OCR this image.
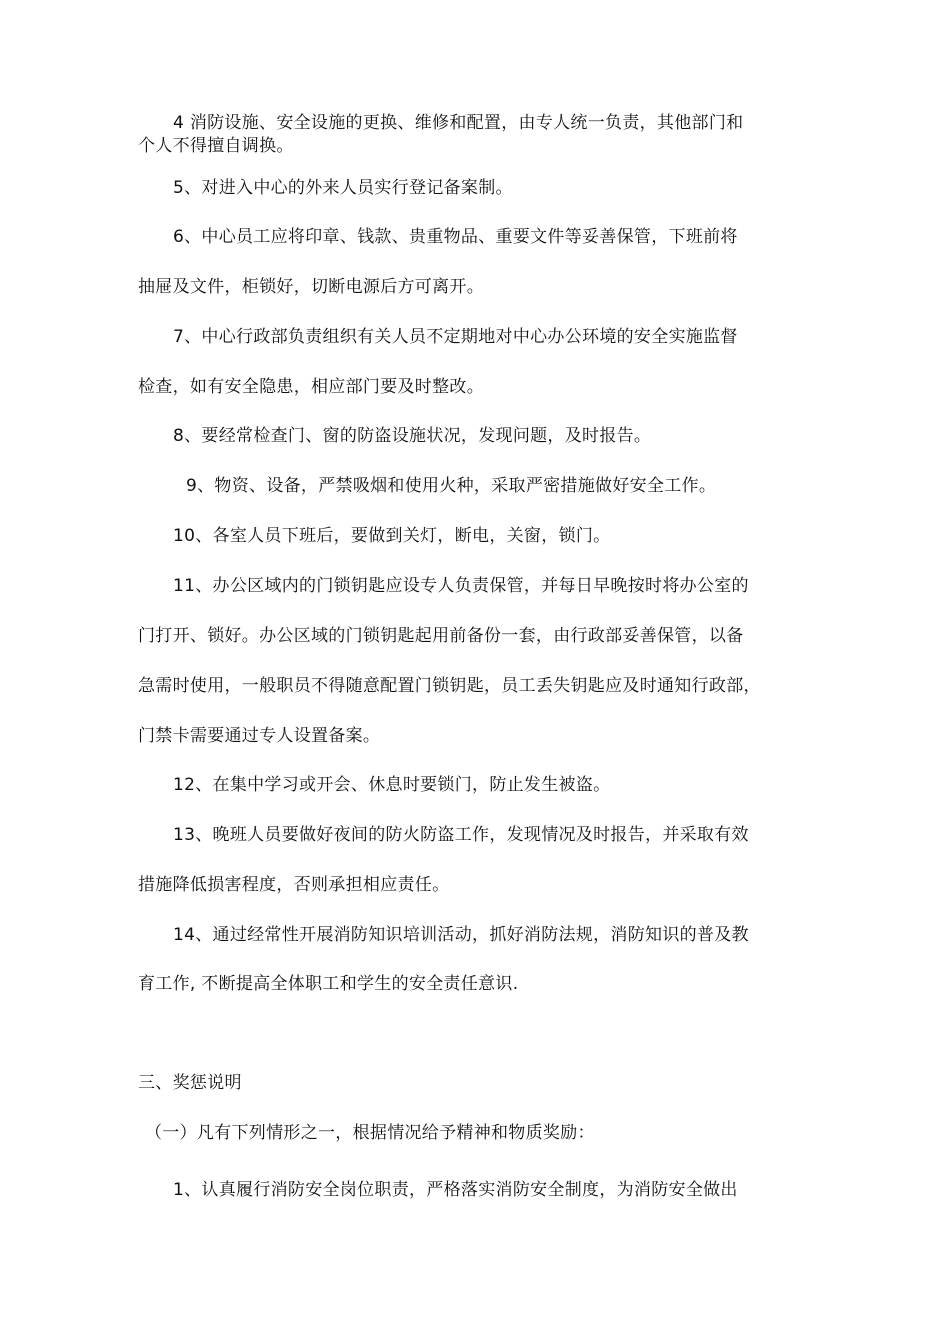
4 消防设施、安全设施的更换、维修和配置，由专人统一负责，其他部门和
个人不得擅自调换。
5、对进入中心的外来人员实行登记备案制。
6、中心员工应将印章、钱款、贵重物品、重要文件等妥善保管，下班前将
抽屉及文件，柜锁好，切断电源后方可离开。
7、中心行政部负责组织有关人员不定期地对中心办公环境的安全实施监督
检查，如有安全隐患，相应部门要及时整改。
8、要经常检查门、窗的防盗设施状况，发现问题，及时报告。
9、物资、设备，严禁吸烟和使用火种，采取严密措施做好安全工作。
10、各室人员下班后，要做到关灯，断电，关窗，锁门。
11、办公区域内的门锁钥匙应设专人负责保管，并每日早晚按时将办公室的
门打开、锁好。办公区域的门锁钥匙起用前备份一套，由行政部妥善保管，以备
急需时使用，一般职员不得随意配置门锁钥匙，员工丢失钥匙应及时通知行政部，
门禁卡需要通过专人设置备案。
12、在集中学习或开会、休息时要锁门，防止发生被盗。
13、晚班人员要做好夜间的防火防盗工作，发现情况及时报告，并采取有效
措施降低损害程度，否则承担相应责任。
14、通过经常性开展消防知识培训活动，抓好消防法规，消防知识的普及教
育工作, 不断提高全体职工和学生的安全责任意识.
三、奖惩说明
（一）凡有下列情形之一，根据情况给予精神和物质奖励：
1、认真履行消防安全岗位职责，严格落实消防安全制度，为消防安全做出
